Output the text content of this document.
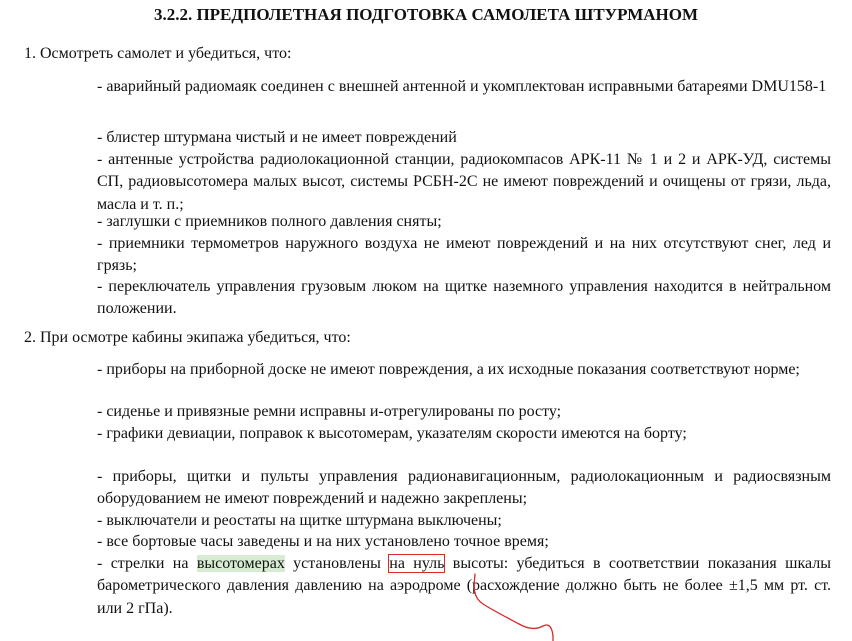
3.2.2. ПРЕДПОЛЕТНАЯ ПОДГОТОВКА САМОЛЕТА ШТУРМАНОМ

1. Осмотреть самолет и убедиться, что:

- аварийный радиомаяк соединен с внешней антенной и укомплектован исправными батареями DMU158-1

- блистер штурмана чистый и не имеет повреждений

- антенные устройства радиолокационной станции, радиокомпасов АРК-11 № 1 и 2 и АРК-УД, системы СП, радиовысотомера малых высот, системы РСБН-2С не имеют повреждений и очищены от грязи, льда, масла и т. п.;

- заглушки с приемников полного давления сняты;

- приемники термометров наружного воздуха не имеют повреждений и на них отсутствуют снег, лед и грязь;

- переключатель управления грузовым люком на щитке наземного управления находится в нейтральном положении.

2. При осмотре кабины экипажа убедиться, что:

- приборы на приборной доске не имеют повреждения, а их исходные показания соответствуют норме;

- сиденье и привязные ремни исправны и-отрегулированы по росту;

- графики девиации, поправок к высотомерам, указателям скорости имеются на борту;

- приборы, щитки и пульты управления радионавигационным, радиолокационным и радиосвязным оборудованием не имеют повреждений и надежно закреплены;

- выключатели и реостаты на щитке штурмана выключены;

- все бортовые часы заведены и на них установлено точное время;

- стрелки на высотомерах установлены на нуль высоты: убедиться в соответствии показания шкалы барометрического давления давлению на аэродроме (расхождение должно быть не более ±1,5 мм рт. ст. или 2 гПа).
